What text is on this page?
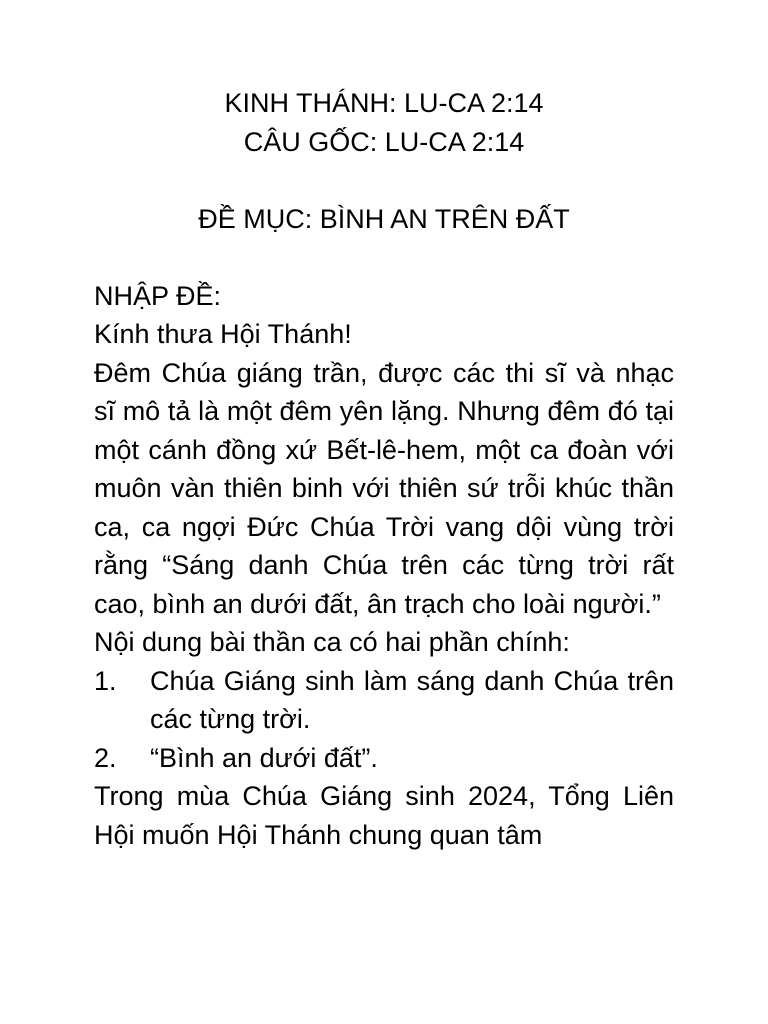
KINH THÁNH: LU-CA 2:14
CÂU GỐC: LU-CA 2:14
ĐỀ MỤC: BÌNH AN TRÊN ĐẤT
NHẬP ĐỀ:
Kính thưa Hội Thánh!
Đêm Chúa giáng trần, được các thi sĩ và nhạc sĩ mô tả là một đêm yên lặng. Nhưng đêm đó tại một cánh đồng xứ Bết-lê-hem, một ca đoàn với muôn vàn thiên binh với thiên sứ trỗi khúc thần ca, ca ngợi Đức Chúa Trời vang dội vùng trời rằng “Sáng danh Chúa trên các từng trời rất cao, bình an dưới đất, ân trạch cho loài người.”
Nội dung bài thần ca có hai phần chính:
1.	Chúa Giáng sinh làm sáng danh Chúa trên các từng trời.
2.	“Bình an dưới đất”.
Trong mùa Chúa Giáng sinh 2024, Tổng Liên Hội muốn Hội Thánh chung quan tâm
